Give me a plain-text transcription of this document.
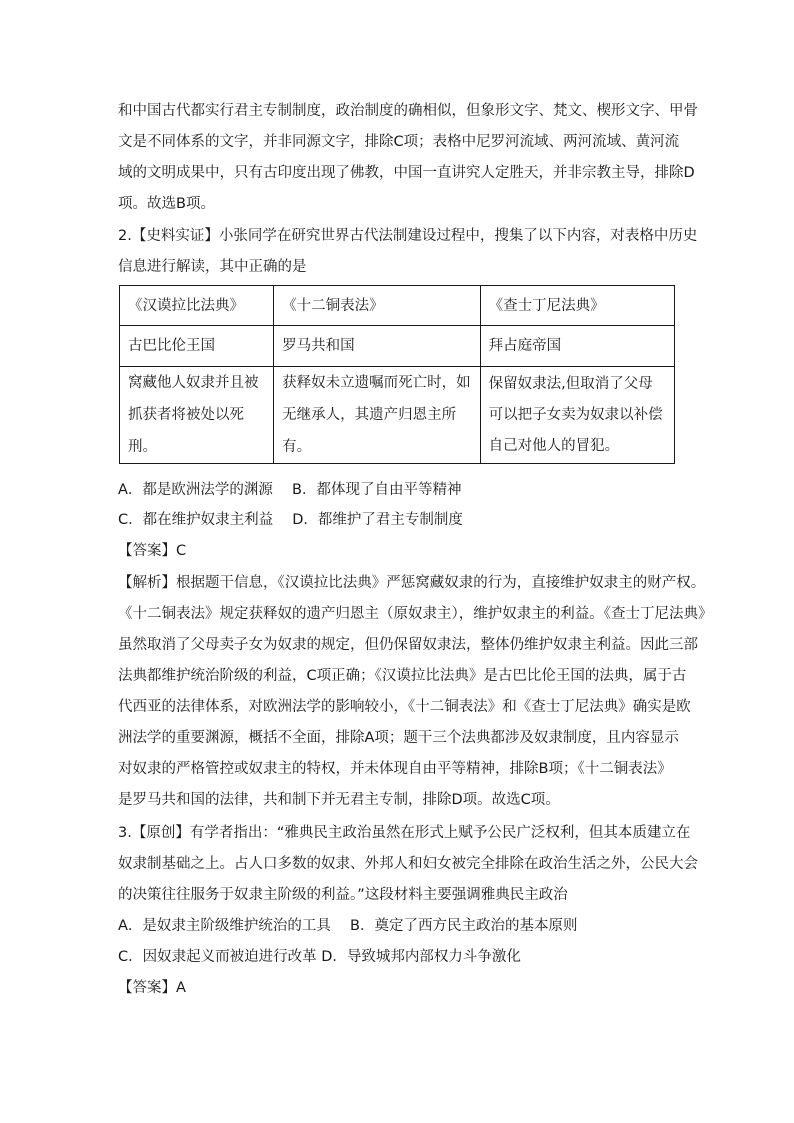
和中国古代都实行君主专制制度，政治制度的确相似，但象形文字、梵文、楔形文字、甲骨
文是不同体系的文字，并非同源文字，排除C项；表格中尼罗河流域、两河流域、黄河流
域的文明成果中，只有古印度出现了佛教，中国一直讲究人定胜天，并非宗教主导，排除D
项。故选B项。
2.【史料实证】小张同学在研究世界古代法制建设过程中，搜集了以下内容，对表格中历史
信息进行解读，其中正确的是
《汉谟拉比法典》	《十二铜表法》	《查士丁尼法典》
古巴比伦王国	罗马共和国	拜占庭帝国

窝藏他人奴隶并且被抓获者将被处以死刑。	获释奴未立遗嘱而死亡时，如无继承人，其遗产归恩主所有。	保留奴隶法,但取消了父母可以把子女卖为奴隶以补偿自己对他人的冒犯。
A．都是欧洲法学的渊源　 B．都体现了自由平等精神
C．都在维护奴隶主利益　 D．都维护了君主专制制度
【答案】C
【解析】根据题干信息，《汉谟拉比法典》严惩窝藏奴隶的行为，直接维护奴隶主的财产权。
《十二铜表法》规定获释奴的遗产归恩主（原奴隶主），维护奴隶主的利益。《查士丁尼法典》
虽然取消了父母卖子女为奴隶的规定，但仍保留奴隶法，整体仍维护奴隶主利益。因此三部
法典都维护统治阶级的利益，C项正确；《汉谟拉比法典》是古巴比伦王国的法典，属于古
代西亚的法律体系，对欧洲法学的影响较小，《十二铜表法》和《查士丁尼法典》确实是欧
洲法学的重要渊源，概括不全面，排除A项；题干三个法典都涉及奴隶制度，且内容显示
对奴隶的严格管控或奴隶主的特权，并未体现自由平等精神，排除B项；《十二铜表法》
是罗马共和国的法律，共和制下并无君主专制，排除D项。故选C项。
3.【原创】有学者指出：“雅典民主政治虽然在形式上赋予公民广泛权利，但其本质建立在
奴隶制基础之上。占人口多数的奴隶、外邦人和妇女被完全排除在政治生活之外，公民大会
的决策往往服务于奴隶主阶级的利益。”这段材料主要强调雅典民主政治
A．是奴隶主阶级维护统治的工具　 B．奠定了西方民主政治的基本原则
C．因奴隶起义而被迫进行改革 D．导致城邦内部权力斗争激化
【答案】A
